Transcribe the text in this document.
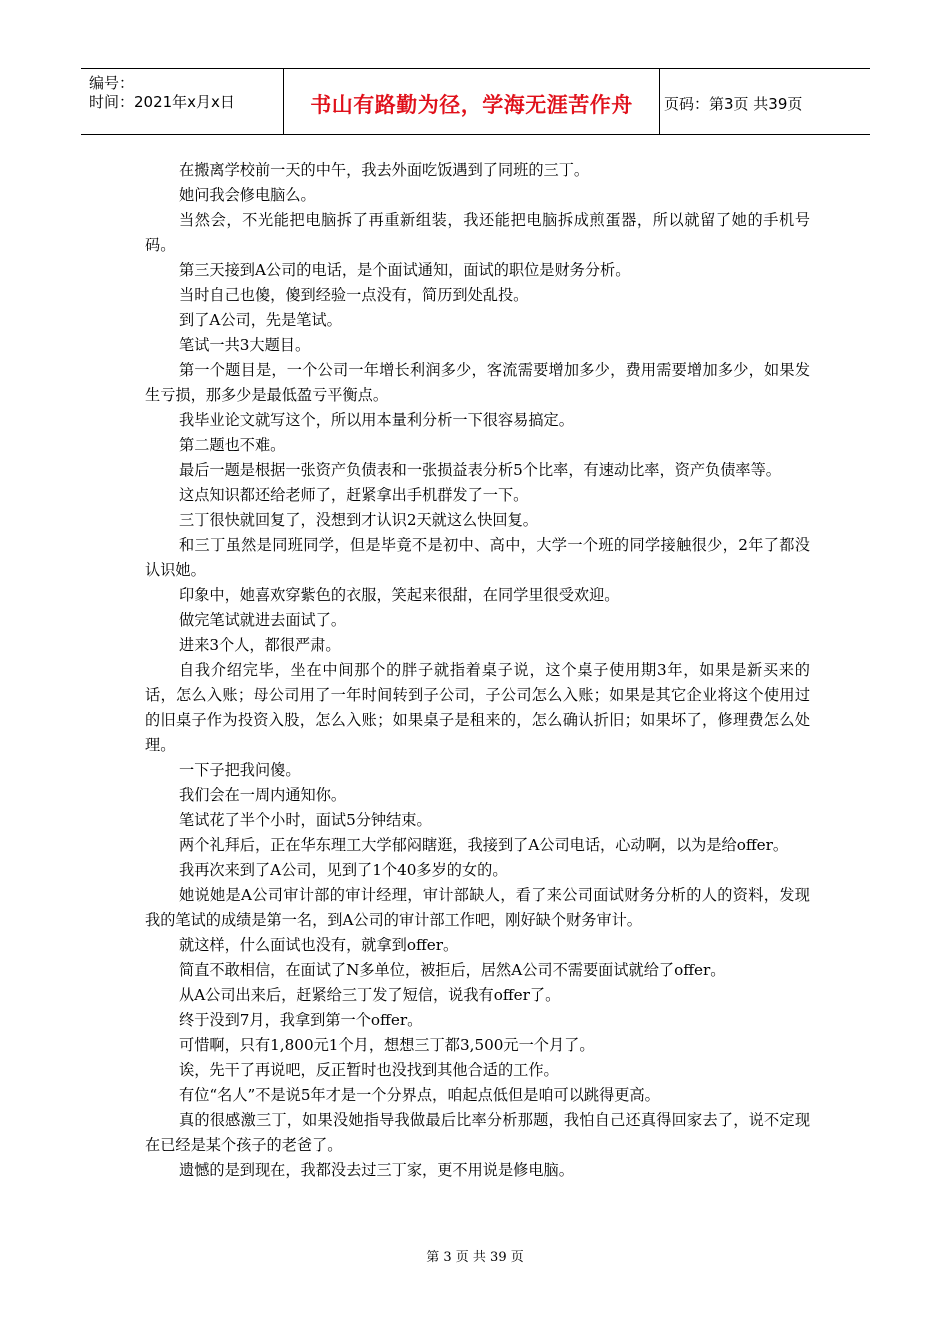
编号：
时间：2021年x月x日	书山有路勤为径，学海无涯苦作舟 页码：第3页 共39页

在搬离学校前一天的中午，我去外面吃饭遇到了同班的三丁。

她问我会修电脑么。

当然会，不光能把电脑拆了再重新组装，我还能把电脑拆成煎蛋器，所以就留了她的手机号码。

第三天接到A公司的电话，是个面试通知，面试的职位是财务分析。

当时自己也傻，傻到经验一点没有，简历到处乱投。

到了A公司，先是笔试。

笔试一共3大题目。

第一个题目是，一个公司一年增长利润多少，客流需要增加多少，费用需要增加多少，如果发生亏损，那多少是最低盈亏平衡点。

我毕业论文就写这个，所以用本量利分析一下很容易搞定。

第二题也不难。

最后一题是根据一张资产负债表和一张损益表分析5个比率，有速动比率，资产负债率等。

这点知识都还给老师了，赶紧拿出手机群发了一下。

三丁很快就回复了，没想到才认识2天就这么快回复。

和三丁虽然是同班同学，但是毕竟不是初中、高中，大学一个班的同学接触很少，2年了都没认识她。

印象中，她喜欢穿紫色的衣服，笑起来很甜，在同学里很受欢迎。

做完笔试就进去面试了。

进来3个人，都很严肃。

自我介绍完毕，坐在中间那个的胖子就指着桌子说，这个桌子使用期3年，如果是新买来的话，怎么入账；母公司用了一年时间转到子公司，子公司怎么入账；如果是其它企业将这个使用过的旧桌子作为投资入股，怎么入账；如果桌子是租来的，怎么确认折旧；如果坏了，修理费怎么处理。

一下子把我问傻。

我们会在一周内通知你。

笔试花了半个小时，面试5分钟结束。

两个礼拜后，正在华东理工大学郁闷瞎逛，我接到了A公司电话，心动啊，以为是给offer。

我再次来到了A公司，见到了1个40多岁的女的。

她说她是A公司审计部的审计经理，审计部缺人，看了来公司面试财务分析的人的资料，发现我的笔试的成绩是第一名，到A公司的审计部工作吧，刚好缺个财务审计。

就这样，什么面试也没有，就拿到offer。

简直不敢相信，在面试了N多单位，被拒后，居然A公司不需要面试就给了offer。

从A公司出来后，赶紧给三丁发了短信，说我有offer了。

终于没到7月，我拿到第一个offer。

可惜啊，只有1,800元1个月，想想三丁都3,500元一个月了。

诶，先干了再说吧，反正暂时也没找到其他合适的工作。

有位“名人”不是说5年才是一个分界点，咱起点低但是咱可以跳得更高。

真的很感激三丁，如果没她指导我做最后比率分析那题，我怕自己还真得回家去了，说不定现在已经是某个孩子的老爸了。

遗憾的是到现在，我都没去过三丁家，更不用说是修电脑。

第 3 页 共 39 页
